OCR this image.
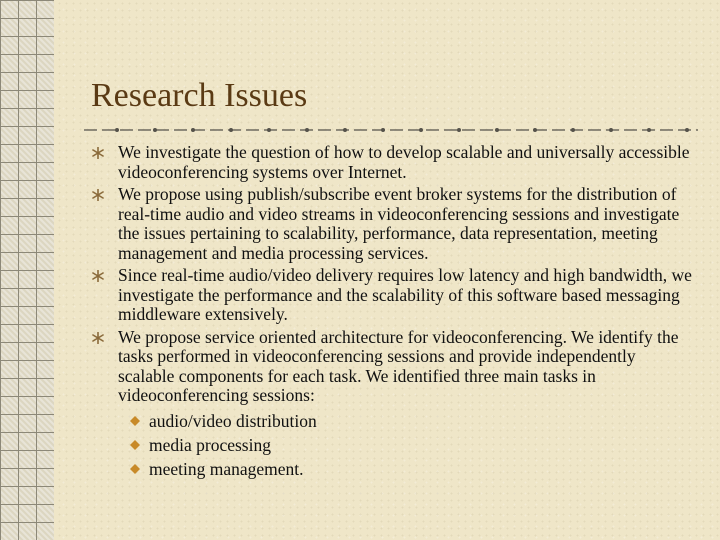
Research Issues
We investigate the question of how to develop scalable and universally accessible videoconferencing systems over Internet.
We propose using publish/subscribe event broker systems for the distribution of real-time audio and video streams in videoconferencing sessions and investigate the issues pertaining to scalability, performance, data representation, meeting management and media processing services.
Since real-time audio/video delivery requires low latency and high bandwidth, we investigate the performance and the scalability of this software based messaging middleware extensively.
We propose service oriented architecture for videoconferencing. We identify the tasks performed in videoconferencing sessions and provide independently scalable components for each task. We identified three main tasks in videoconferencing sessions:
audio/video distribution
media processing
meeting management.
